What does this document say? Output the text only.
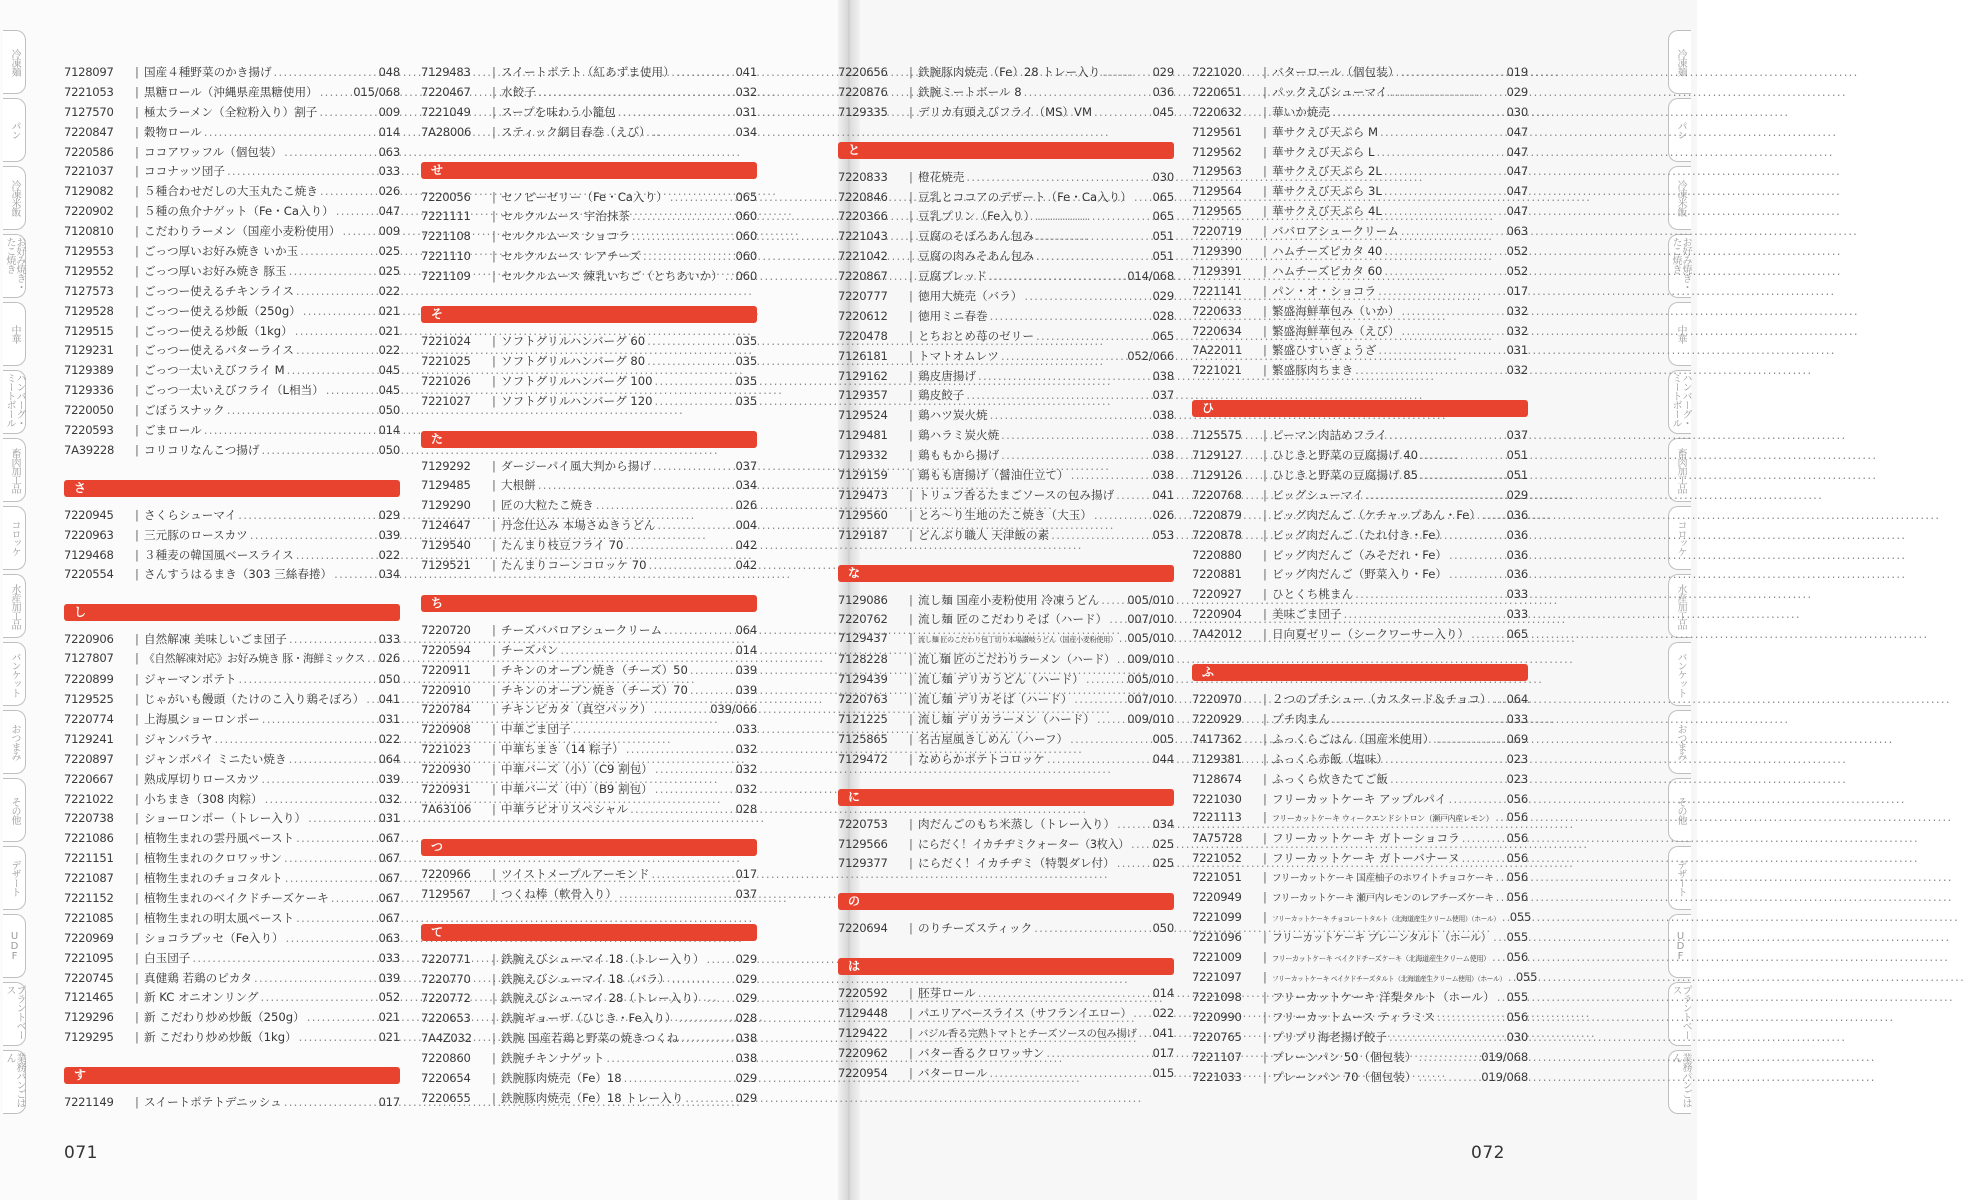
冷凍麺
パン
冷凍米飯
お好み焼き・たこ焼き
中華
ハンバーグ・ミートボール
畜肉加工品
コロッケ
水産加工品
バンケット
おつまみ
その他
デザート
UDF
プラントベース
業務パンごはん
冷凍麺
パン
冷凍米飯
お好み焼き・たこ焼き
中華
ハンバーグ・ミートボール
畜肉加工品
コロッケ
水産加工品
バンケット
おつまみ
その他
デザート
UDF
プラントベース
業務パンごはん
7128097	| 国産４種野菜のかき揚げ . . .	048
7221053	| 黒糖ロール（沖縄県産黒糖使用） . . .	015/068
7127570	| 極太ラーメン（全粒粉入り）割子 . . .	009
7220847	| 穀物ロール . . .	014
7220586	| ココアワッフル（個包装） . . .	063
7221037	| ココナッツ団子 . . .	033
7129082	| ５種合わせだしの大玉丸たこ焼き . . .	026
7220902	| ５種の魚介ナゲット（Fe・Ca入り） . . .	047
7120810	| こだわりラーメン（国産小麦粉使用） . . .	009
7129553	| ごっつ厚いお好み焼き いか玉 . . .	025
7129552	| ごっつ厚いお好み焼き 豚玉 . . .	025
7127573	| ごっつー使えるチキンライス . . .	022
7129528	| ごっつー使える炒飯（250g） . . .	021
7129515	| ごっつー使える炒飯（1kg） . . .	021
7129231	| ごっつー使えるバターライス . . .	022
7129389	| ごっつ一太いえびフライ M . . .	045
7129336	| ごっつ一太いえびフライ（L相当） . . .	045
7220050	| ごぼうスナック . . .	050
7220593	| ごまロール . . .	014
7A39228	| コリコリなんこつ揚げ . . .	050
さ
7220945	| さくらシューマイ . . .	029
7220963	| 三元豚のロースカツ . . .	039
7129468	| ３種麦の韓国風ベースライス . . .	022
7220554	| さんすうはるまき（303 三絲春捲） . . .	034
し
7220906	| 自然解凍 美味しいごま団子 . . .	033
7127807	| 《自然解凍対応》お好み焼き 豚・海鮮ミックス . . . 026
7220899	| ジャーマンポテト . . .	050
7129525	| じゃがいも饅頭（たけのこ入り鶏そぼろ） . . . 041
7220774	| 上海風ショーロンポー . . .	031
7129241	| ジャンバラヤ . . .	022
7220897	| ジャンボパイ ミニたい焼き . . .	064
7220667	| 熟成厚切りロースカツ . . .	039
7221022	| 小ちまき（308 肉粽） . . .	032
7220738	| ショーロンポー（トレー入り） . . .	031
7221086	| 植物生まれの雲丹風ペースト . . .	067
7221151	| 植物生まれのクロワッサン . . .	067
7221087	| 植物生まれのチョコタルト . . .	067
7221152	| 植物生まれのベイクドチーズケーキ . . .	067
7221085	| 植物生まれの明太風ペースト . . .	067
7220969	| ショコラブッセ（Fe入り） . . .	063
7221095	| 白玉団子 . . .	033
7220745	| 真健鶏 若鶏のピカタ . . .	039
7121465	| 新 KC オニオンリング . . .	052
7129296	| 新 こだわり炒め炒飯（250g） . . .	021
7129295	| 新 こだわり炒め炒飯（1kg） . . .	021
す
7221149	| スイートポテトデニッシュ . . .	017
7129483	| スイートポテト（紅あずま使用） . . .	041
7220467	| 水餃子 . . .	032
7221049	| スープを味わう小籠包 . . .	031
7A28006	| スティック網目春巻（えび） . . .	034
せ
7220056	| セノビーゼリー（Fe・Ca入り） . . .	065
7221111	| セルクルムース 宇治抹茶 . . .	060
7221108	| セルクルムース ショコラ . . .	060
7221110	| セルクルムース レアチーズ . . .	060
7221109	| セルクルムース 練乳いちご（とちあいか） . . . 060
そ
7221024	| ソフトグリルハンバーグ 60 . . .	035
7221025	| ソフトグリルハンバーグ 80 . . .	035
7221026	| ソフトグリルハンバーグ 100 . . .	035
7221027	| ソフトグリルハンバーグ 120 . . .	035
た
7129292	| ダージーパイ風大判から揚げ . . .	037
7129485	| 大根餅 . . .	034
7129290	| 匠の大粒たこ焼き . . .	026
7124647	| 丹念仕込み 本場さぬきうどん . . .	004
7129540	| たんまり枝豆フライ 70 . . .	042
7129521	| たんまりコーンコロッケ 70 . . .	042
ち
7220720	| チーズババロアシュークリーム . . .	064
7220594	| チーズパン . . .	014
7220911	| チキンのオーブン焼き（チーズ）50 . . .	039
7220910	| チキンのオーブン焼き（チーズ）70 . . .	039
7220784	| チキンピカタ（真空パック） . . .	039/066
7220908	| 中華ごま団子 . . .	033
7221023	| 中華ちまき（14 粽子） . . .	032
7220930	| 中華バーズ（小）（C9 割包） . . .	032
7220931	| 中華バーズ（中）（B9 割包） . . .	032
7A63106	| 中華ラビオリスペシャル . . .	028
つ
7220966	| ツイストメープルアーモンド . . .	017
7129567	| つくね棒（軟骨入り） . . .	037
て
7220771	| 鉄腕えびシューマイ 18（トレー入り） . . .	029
7220770	| 鉄腕えびシューマイ 18（バラ） . . .	029
7220772	| 鉄腕えびシューマイ 28（トレー入り） . . .	029
7220653	| 鉄腕ギョーザ（ひじき・Fe入り） . . .	028
7A4Z032	| 鉄腕 国産若鶏と野菜の焼きつくね . . .	038
7220860	| 鉄腕チキンナゲット . . .	038
7220654	| 鉄腕豚肉焼売（Fe）18 . . .	029
7220655	| 鉄腕豚肉焼売（Fe）18 トレー入り . . .	029
7220656	| 鉄腕豚肉焼売（Fe）28 トレー入り . . .	029
7220876	| 鉄腕ミートボール 8 . . .	036
7129335	| デリカ有頭えびフライ（MS）VM . . .	045
と
7220833	| 橙花焼売 . . .	030
7220846	| 豆乳とココアのデザート（Fe・Ca入り） . . . 065
7220366	| 豆乳プリン（Fe入り） . . .	065
7221043	| 豆腐のそぼろあん包み . . .	051
7221042	| 豆腐の肉みそあん包み . . .	051
7220867	| 豆腐ブレッド . . .	014/068
7220777	| 徳用大焼売（バラ） . . .	029
7220612	| 徳用ミニ春巻 . . .	028
7220478	| とちおとめ苺のゼリー . . .	065
7126181	| トマトオムレツ . . .	052/066
7129162	| 鶏皮唐揚げ . . .	038
7129357	| 鶏皮餃子 . . .	037
7129524	| 鶏ハツ炭火焼 . . .	038
7129481	| 鶏ハラミ炭火焼 . . .	038
7129332	| 鶏ももから揚げ . . .	038
7129159	| 鶏もも唐揚げ（醤油仕立て） . . .	038
7129473	| トリュフ香るたまごソースの包み揚げ . . .	041
7129560	| とろ〜り生地のたこ焼き（大玉） . . .	026
7129187	| どんぶり職人 天津飯の素 . . .	053
な
7129086	| 流し麺 国産小麦粉使用 冷凍うどん . . . 005/010
7220762	| 流し麺 匠のこだわりそば（ハード） . . . 007/010
7129437	| 流し麺 匠のこだわり包丁切り本場讃岐うどん（国産小麦粉使用） . . . 005/010
7128228	| 流し麺 匠のこだわりラーメン（ハード） . . . 009/010
7129439	| 流し麺 デリカうどん（ハード） . . .	005/010
7220763	| 流し麺 デリカそば（ハード） . . .	007/010
7121225	| 流し麺 デリカラーメン（ハード） . . .	009/010
7125865	| 名古屋風きしめん（ハーフ） . . .	005
7129472	| なめらかポテトコロッケ . . .	044
に
7220753	| 肉だんごのもち米蒸し（トレー入り） . . .	034
7129566	| にらだく！イカチヂミクォーター（3枚入） . . . 025
7129377	| にらだく！イカチヂミ（特製ダレ付） . . .	025
の
7220694	| のりチーズスティック . . .	050
は
7220592	| 胚芽ロール . . .	014
7129448	| パエリアベースライス（サフランイエロー） . . . 022
7129422	| バジル香る完熟トマトとチーズソースの包み揚げ . . . 041
7220962	| バター香るクロワッサン . . .	017
7220954	| バターロール . . .	015
7221020	| バターロール（個包装） . . .	019
7220651	| パックえびシューマイ . . .	029
7220632	| 華いか焼売 . . .	030
7129561	| 華サクえび天ぷら M . . .	047
7129562	| 華サクえび天ぷら L . . .	047
7129563	| 華サクえび天ぷら 2L . . .	047
7129564	| 華サクえび天ぷら 3L . . .	047
7129565	| 華サクえび天ぷら 4L . . .	047
7220719	| ババロアシュークリーム . . .	063
7129390	| ハムチーズピカタ 40 . . .	052
7129391	| ハムチーズピカタ 60 . . .	052
7221141	| パン・オ・ショコラ . . .	017
7220633	| 繁盛海鮮華包み（いか） . . .	032
7220634	| 繁盛海鮮華包み（えび） . . .	032
7A22011	| 繁盛ひすいぎょうざ . . .	031
7221021	| 繁盛豚肉ちまき . . .	032
ひ
7125575	| ピーマン肉詰めフライ . . .	037
7129127	| ひじきと野菜の豆腐揚げ 40 . . .	051
7129126	| ひじきと野菜の豆腐揚げ 85 . . .	051
7220768	| ビッグシューマイ . . .	029
7220879	| ビッグ肉だんご（ケチャップあん・Fe） . . . 036
7220878	| ビッグ肉だんご（たれ付き・Fe） . . .	036
7220880	| ビッグ肉だんご（みそだれ・Fe） . . .	036
7220881	| ビッグ肉だんご（野菜入り・Fe） . . .	036
7220927	| ひとくち桃まん . . .	033
7220904	| 美味ごま団子 . . .	033
7A42012	| 日向夏ゼリー（シークワーサー入り） . . .	065
ふ
7220970	| ２つのプチシュー（カスタード＆チョコ） . . . 064
7220929	| プチ肉まん . . .	033
7417362	| ふっくらごはん（国産米使用） . . .	069
7129381	| ふっくら赤飯（塩味） . . .	023
7128674	| ふっくら炊きたてご飯 . . .	023
7221030	| フリーカットケーキ アップルパイ . . .	056
7221113	| フリーカットケーキ ウィークエンドシトロン（瀬戸内産レモン） . . . 056
7A75728	| フリーカットケーキ ガトーショコラ . . .	056
7221052	| フリーカットケーキ ガトーバナーヌ . . .	056
7221051	| フリーカットケーキ 国産柚子のホワイトチョコケーキ . . . 056
7220949	| フリーカットケーキ 瀬戸内レモンのレアチーズケーキ . . . 056
7221099	| フリーカットケーキ チョコレートタルト（北海道産生クリーム使用）（ホール） . . . 055
7221096	| フリーカットケーキ プレーンタルト（ホール） . . . 055
7221009	| フリーカットケーキ ベイクドチーズケーキ（北海道産生クリーム使用） . . . 056
7221097	| フリーカットケーキ ベイクドチーズタルト（北海道産生クリーム使用）（ホール） . . . 055
7221098	| フリーカットケーキ 洋梨タルト（ホール） . . . 055
7220990	| フリーカットムース ティラミス . . .	056
7220765	| プリプリ海老揚げ餃子 . . .	030
7221107	| プレーンパン 50（個包装） . . .	019/068
7221033	| プレーンパン 70（個包装） . . .	019/068
071	072
